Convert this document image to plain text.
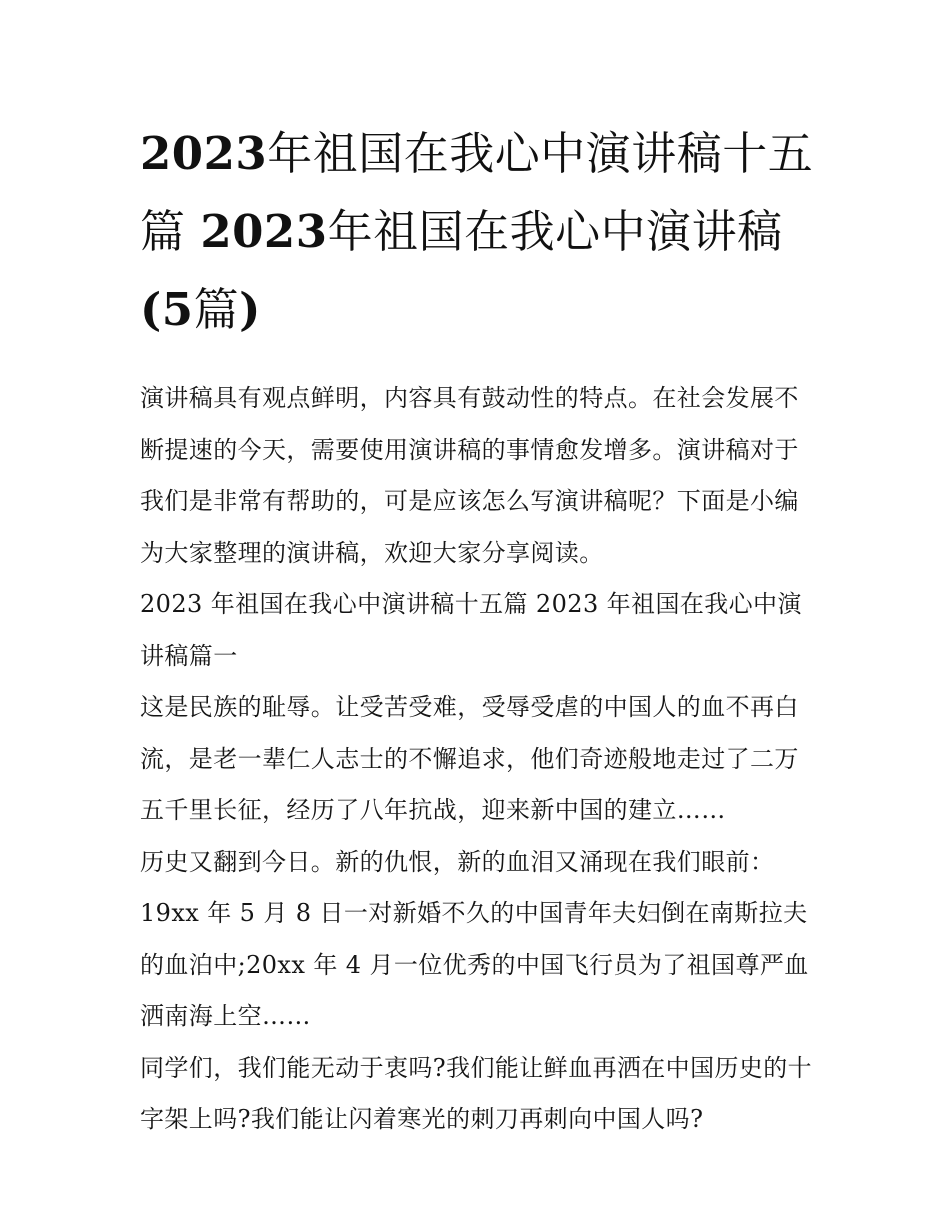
2023年祖国在我心中演讲稿十五篇 2023年祖国在我心中演讲稿(5篇)

演讲稿具有观点鲜明，内容具有鼓动性的特点。在社会发展不断提速的今天，需要使用演讲稿的事情愈发增多。演讲稿对于我们是非常有帮助的，可是应该怎么写演讲稿呢？下面是小编为大家整理的演讲稿，欢迎大家分享阅读。

2023 年祖国在我心中演讲稿十五篇 2023 年祖国在我心中演讲稿篇一

这是民族的耻辱。让受苦受难，受辱受虐的中国人的血不再白流，是老一辈仁人志士的不懈追求，他们奇迹般地走过了二万五千里长征，经历了八年抗战，迎来新中国的建立……

历史又翻到今日。新的仇恨，新的血泪又涌现在我们眼前：

19xx 年 5 月 8 日一对新婚不久的中国青年夫妇倒在南斯拉夫的血泊中;20xx 年 4 月一位优秀的中国飞行员为了祖国尊严血洒南海上空……

同学们，我们能无动于衷吗?我们能让鲜血再洒在中国历史的十字架上吗?我们能让闪着寒光的刺刀再刺向中国人吗?
